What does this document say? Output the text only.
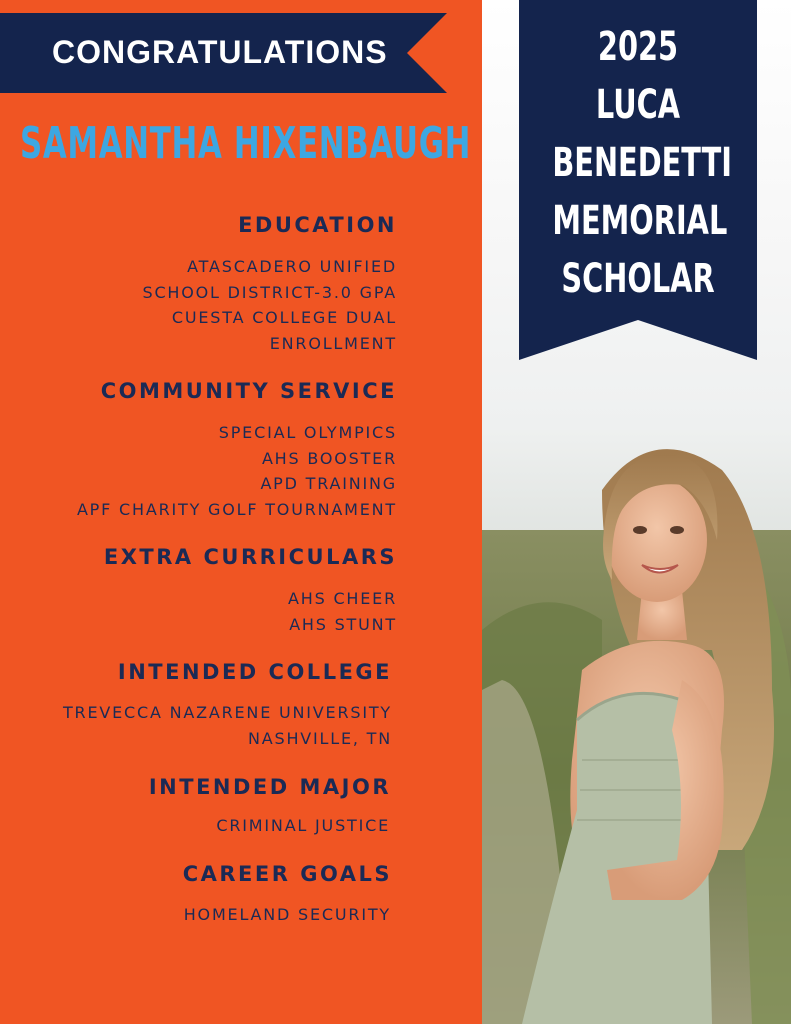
CONGRATULATIONS
SAMANTHA HIXENBAUGH
EDUCATION
ATASCADERO UNIFIED
SCHOOL DISTRICT-3.0 GPA
CUESTA COLLEGE DUAL
ENROLLMENT
COMMUNITY SERVICE
SPECIAL OLYMPICS
AHS BOOSTER
APD TRAINING
APF CHARITY GOLF TOURNAMENT
EXTRA CURRICULARS
AHS CHEER
AHS STUNT
INTENDED COLLEGE
TREVECCA NAZARENE UNIVERSITY
NASHVILLE, TN
INTENDED MAJOR
CRIMINAL JUSTICE
CAREER GOALS
HOMELAND SECURITY
2025
LUCA
BENEDETTI
MEMORIAL
SCHOLAR
